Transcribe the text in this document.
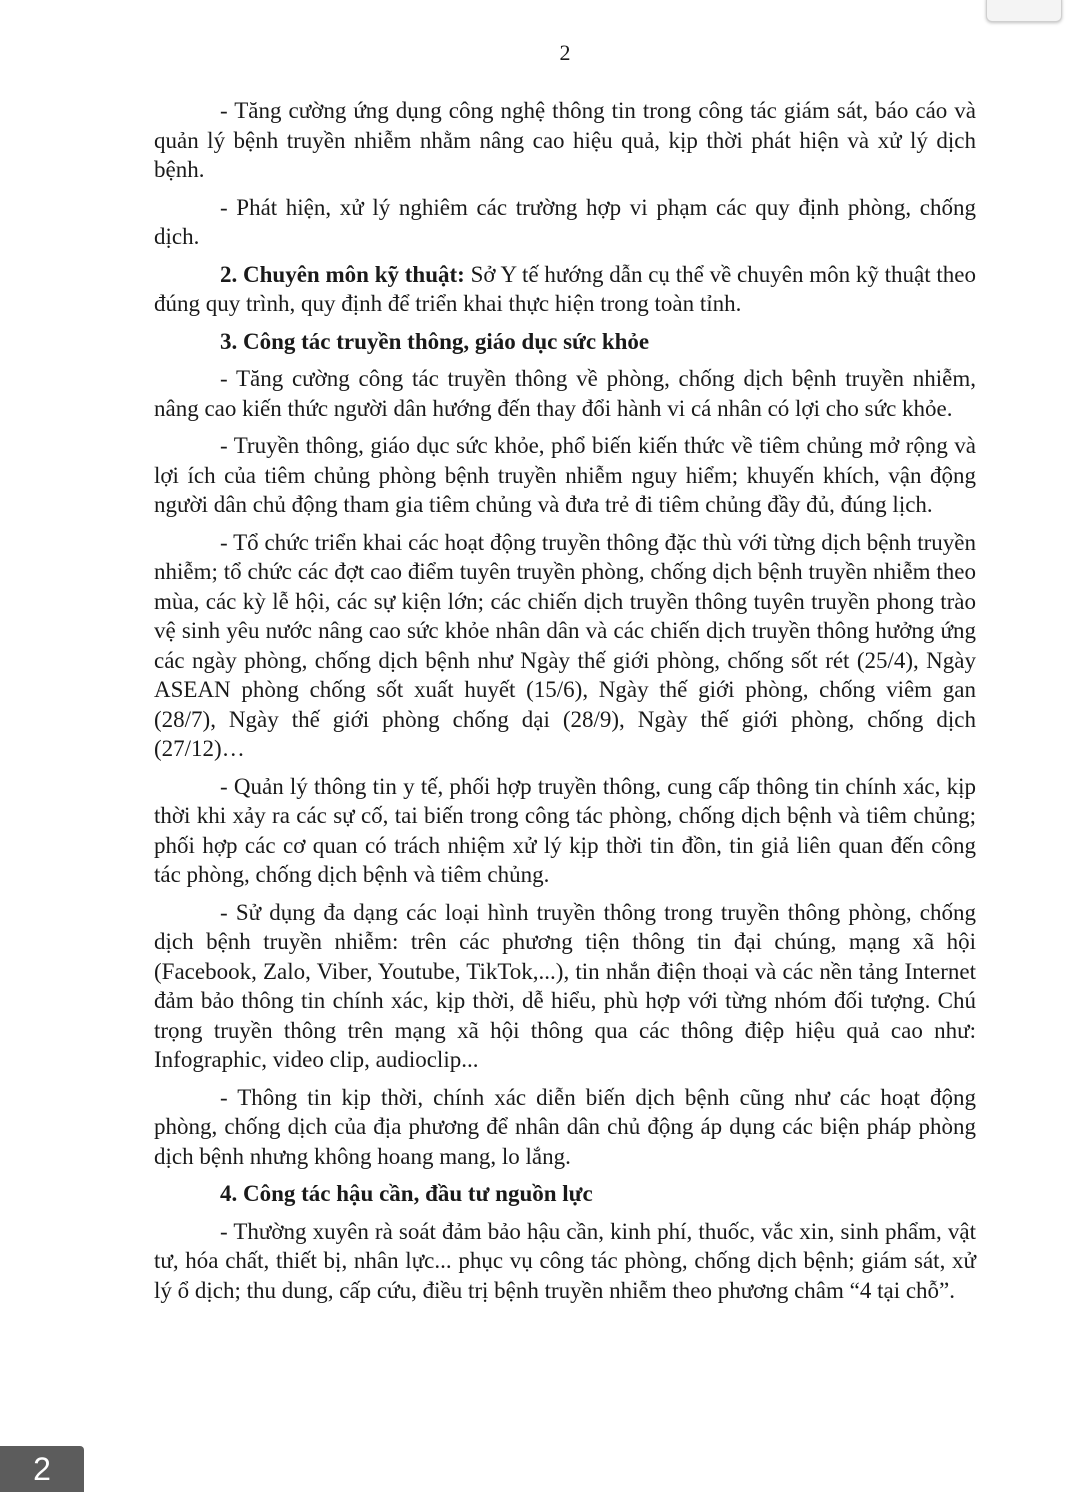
2

- Tăng cường ứng dụng công nghệ thông tin trong công tác giám sát, báo cáo và quản lý bệnh truyền nhiễm nhằm nâng cao hiệu quả, kịp thời phát hiện và xử lý dịch bệnh.

- Phát hiện, xử lý nghiêm các trường hợp vi phạm các quy định phòng, chống dịch.

2. Chuyên môn kỹ thuật: Sở Y tế hướng dẫn cụ thể về chuyên môn kỹ thuật theo đúng quy trình, quy định để triển khai thực hiện trong toàn tỉnh.

3. Công tác truyền thông, giáo dục sức khỏe

- Tăng cường công tác truyền thông về phòng, chống dịch bệnh truyền nhiễm, nâng cao kiến thức người dân hướng đến thay đổi hành vi cá nhân có lợi cho sức khỏe.

- Truyền thông, giáo dục sức khỏe, phổ biến kiến thức về tiêm chủng mở rộng và lợi ích của tiêm chủng phòng bệnh truyền nhiễm nguy hiểm; khuyến khích, vận động người dân chủ động tham gia tiêm chủng và đưa trẻ đi tiêm chủng đầy đủ, đúng lịch.

- Tổ chức triển khai các hoạt động truyền thông đặc thù với từng dịch bệnh truyền nhiễm; tổ chức các đợt cao điểm tuyên truyền phòng, chống dịch bệnh truyền nhiễm theo mùa, các kỳ lễ hội, các sự kiện lớn; các chiến dịch truyền thông tuyên truyền phong trào vệ sinh yêu nước nâng cao sức khỏe nhân dân và các chiến dịch truyền thông hưởng ứng các ngày phòng, chống dịch bệnh như Ngày thế giới phòng, chống sốt rét (25/4), Ngày ASEAN phòng chống sốt xuất huyết (15/6), Ngày thế giới phòng, chống viêm gan (28/7), Ngày thế giới phòng chống dại (28/9), Ngày thế giới phòng, chống dịch (27/12)…

- Quản lý thông tin y tế, phối hợp truyền thông, cung cấp thông tin chính xác, kịp thời khi xảy ra các sự cố, tai biến trong công tác phòng, chống dịch bệnh và tiêm chủng; phối hợp các cơ quan có trách nhiệm xử lý kịp thời tin đồn, tin giả liên quan đến công tác phòng, chống dịch bệnh và tiêm chủng.

- Sử dụng đa dạng các loại hình truyền thông trong truyền thông phòng, chống dịch bệnh truyền nhiễm: trên các phương tiện thông tin đại chúng, mạng xã hội (Facebook, Zalo, Viber, Youtube, TikTok,...), tin nhắn điện thoại và các nền tảng Internet đảm bảo thông tin chính xác, kịp thời, dễ hiểu, phù hợp với từng nhóm đối tượng. Chú trọng truyền thông trên mạng xã hội thông qua các thông điệp hiệu quả cao như: Infographic, video clip, audioclip...

- Thông tin kịp thời, chính xác diễn biến dịch bệnh cũng như các hoạt động phòng, chống dịch của địa phương để nhân dân chủ động áp dụng các biện pháp phòng dịch bệnh nhưng không hoang mang, lo lắng.

4. Công tác hậu cần, đầu tư nguồn lực

- Thường xuyên rà soát đảm bảo hậu cần, kinh phí, thuốc, vắc xin, sinh phẩm, vật tư, hóa chất, thiết bị, nhân lực... phục vụ công tác phòng, chống dịch bệnh; giám sát, xử lý ổ dịch; thu dung, cấp cứu, điều trị bệnh truyền nhiễm theo phương châm “4 tại chỗ”.

2
